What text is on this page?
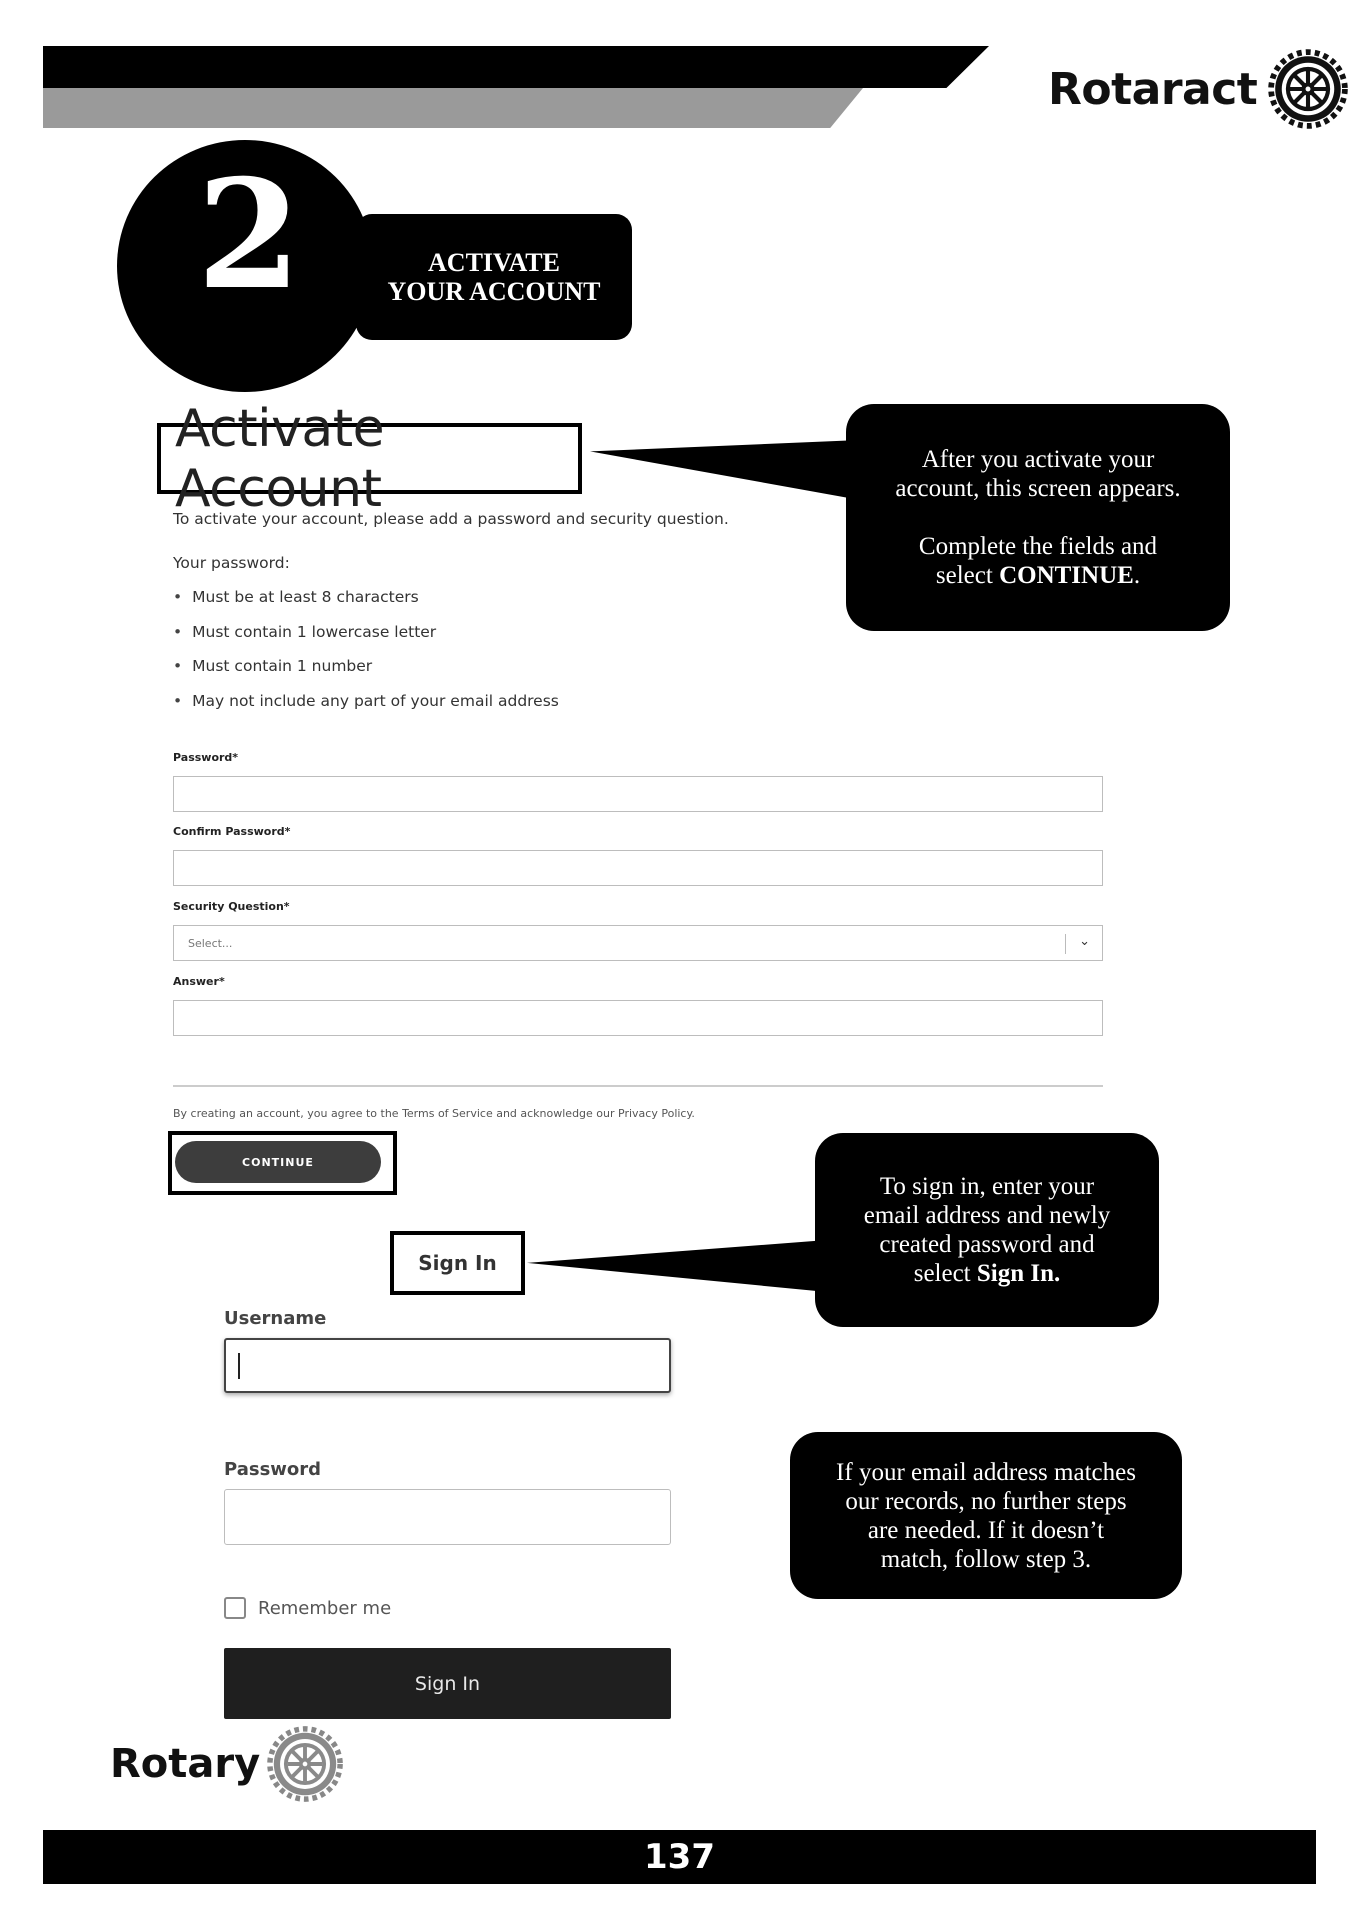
Rotaract
2	ACTIVATE
YOUR ACCOUNT
Activate Account
To activate your account, please add a password and security question.
Your password:
• Must be at least 8 characters
• Must contain 1 lowercase letter
• Must contain 1 number
• May not include any part of your email address
Password*
Confirm Password*
Security Question*
Select...	⌄
Answer*
By creating an account, you agree to the Terms of Service and acknowledge our Privacy Policy.
CONTINUE
Sign In
Username
Password
Remember me
Sign In
After you activate your
account, this screen appears.
Complete the fields and
select CONTINUE.
To sign in, enter your
email address and newly
created password and
select Sign In.
If your email address matches
our records, no further steps
are needed. If it doesn’t
match, follow step 3.
Rotary
137
